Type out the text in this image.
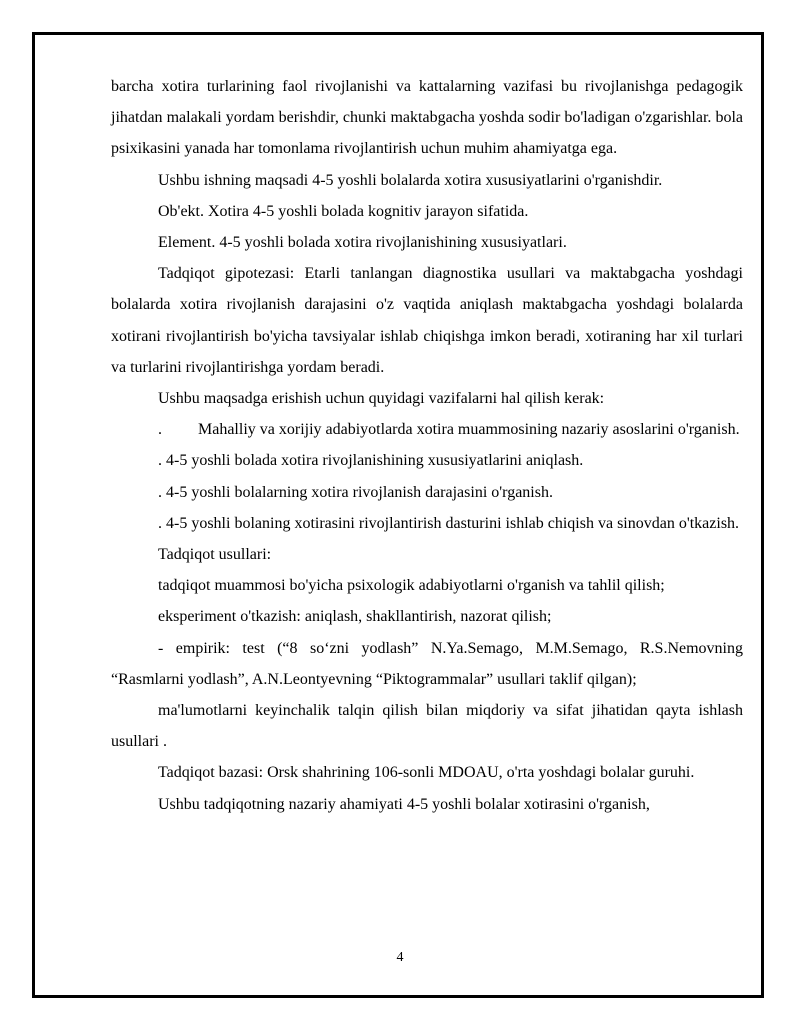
barcha xotira turlarining faol rivojlanishi va kattalarning vazifasi bu rivojlanishga pedagogik jihatdan malakali yordam berishdir, chunki maktabgacha yoshda sodir bo'ladigan o'zgarishlar. bola psixikasini yanada har tomonlama rivojlantirish uchun muhim ahamiyatga ega.

Ushbu ishning maqsadi 4-5 yoshli bolalarda xotira xususiyatlarini o'rganishdir.

Ob'ekt. Xotira 4-5 yoshli bolada kognitiv jarayon sifatida.

Element. 4-5 yoshli bolada xotira rivojlanishining xususiyatlari.

Tadqiqot gipotezasi: Etarli tanlangan diagnostika usullari va maktabgacha yoshdagi bolalarda xotira rivojlanish darajasini o'z vaqtida aniqlash maktabgacha yoshdagi bolalarda xotirani rivojlantirish bo'yicha tavsiyalar ishlab chiqishga imkon beradi, xotiraning har xil turlari va turlarini rivojlantirishga yordam beradi.

Ushbu maqsadga erishish uchun quyidagi vazifalarni hal qilish kerak:

. Mahalliy va xorijiy adabiyotlarda xotira muammosining nazariy asoslarini o'rganish.

. 4-5 yoshli bolada xotira rivojlanishining xususiyatlarini aniqlash.

. 4-5 yoshli bolalarning xotira rivojlanish darajasini o'rganish.

. 4-5 yoshli bolaning xotirasini rivojlantirish dasturini ishlab chiqish va sinovdan o'tkazish.

Tadqiqot usullari:

tadqiqot muammosi bo'yicha psixologik adabiyotlarni o'rganish va tahlil qilish;

eksperiment o'tkazish: aniqlash, shakllantirish, nazorat qilish;

- empirik: test (“8 so‘zni yodlash” N.Ya.Semago, M.M.Semago, R.S.Nemovning “Rasmlarni yodlash”, A.N.Leontyevning “Piktogrammalar” usullari taklif qilgan);

ma'lumotlarni keyinchalik talqin qilish bilan miqdoriy va sifat jihatidan qayta ishlash usullari .

Tadqiqot bazasi: Orsk shahrining 106-sonli MDOAU, o'rta yoshdagi bolalar guruhi.

Ushbu tadqiqotning nazariy ahamiyati 4-5 yoshli bolalar xotirasini o'rganish,

4
